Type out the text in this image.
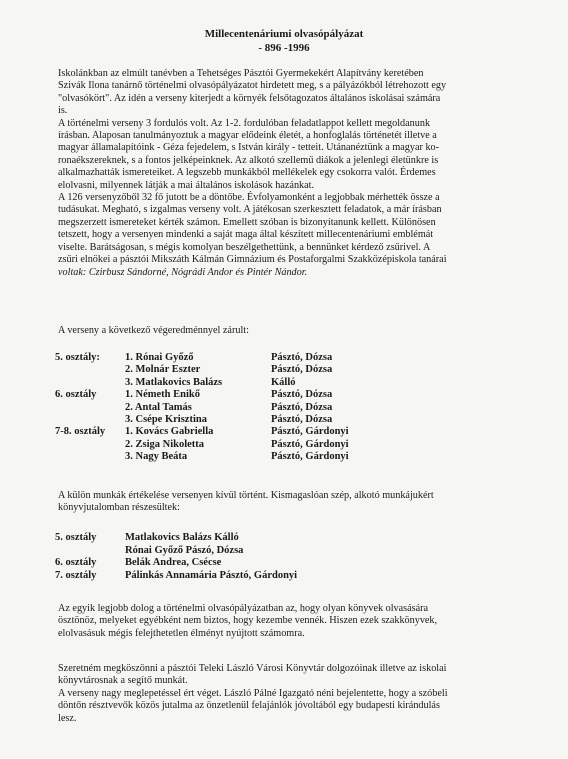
Millecentenáriumi olvasópályázat
- 896 -1996
Iskolánkban az elmúlt tanévben a Tehetséges Pásztói Gyermekekért Alapítvány keretében
Szivák Ilona tanárnő történelmi olvasópályázatot hirdetett meg, s a pályázókból létrehozott egy
"olvasókört". Az idén a verseny kiterjedt a környék felsőtagozatos általános iskolásai számára
is.
A történelmi verseny 3 fordulós volt. Az 1-2. fordulóban feladatlappot kellett megoldanunk
írásban. Alaposan tanulmányoztuk a magyar elődeink életét, a honfoglalás történetét illetve a
magyar államalapítóink - Géza fejedelem, s István király - tetteit. Utánanéztünk a magyar ko-
ronaékszereknek, s a fontos jelképeinknek. Az alkotó szellemű diákok a jelenlegi életünkre is
alkalmazhatták ismereteiket. A legszebb munkákból mellékelek egy csokorra valót. Érdemes
elolvasni, milyennek látják a mai általános iskolások hazánkat.
A 126 versenyzőből 32 fő jutott be a döntőbe. Évfolyamonként a legjobbak mérhették össze a
tudásukat. Megható, s izgalmas verseny volt. A játékosan szerkesztett feladatok, a már írásban
megszerzett ismereteket kérték számon. Emellett szóban is bizonyítanunk kellett. Különösen
tetszett, hogy a versenyen mindenki a saját maga által készített millecentenáriumi emblémát
viselte. Barátságosan, s mégis komolyan beszélgethettünk, a bennünket kérdező zsűrivel. A
zsűri elnökei a pásztói Mikszáth Kálmán Gimnázium és Postaforgalmi Szakközépiskola tanárai
voltak: Czirbusz Sándorné, Nógrádi Andor és Pintér Nándor.
A verseny a következő végeredménnyel zárult:
5. osztály: 1. Rónai Győző	Pásztó, Dózsa
2. Molnár Eszter	Pásztó, Dózsa
3. Matlakovics Balázs	Kálló
6. osztály	1. Németh Enikő	Pásztó, Dózsa
2. Antal Tamás	Pásztó, Dózsa
3. Csépe Krisztina	Pásztó, Dózsa
7-8. osztály 1. Kovács Gabriella	Pásztó, Gárdonyi
2. Zsiga Nikoletta	Pásztó, Gárdonyi
3. Nagy Beáta	Pásztó, Gárdonyi
A külön munkák értékelése versenyen kívül történt. Kismagaslóan szép, alkotó munkájukért
könyvjutalomban részesültek:
5. osztály	Matlakovics Balázs Kálló
Rónai Győző Pászó, Dózsa
6. osztály	Belák Andrea, Csécse
7. osztály	Pálinkás Annamária Pásztó, Gárdonyi
Az egyik legjobb dolog a történelmi olvasópályázatban az, hogy olyan könyvek olvasására
ösztönöz, melyeket egyébként nem biztos, hogy kezembe vennék. Hiszen ezek szakkönyvek,
elolvasásuk mégis felejthetetlen élményt nyújtott számomra.
Szeretném megköszönni a pásztói Teleki László Városi Könyvtár dolgozóinak illetve az iskolai
könyvtárosnak a segítő munkát.
A verseny nagy meglepetéssel ért véget. László Pálné Igazgató néni bejelentette, hogy a szóbeli
döntőn résztvevők közös jutalma az önzetlenül felajánlók jóvoltából egy budapesti kirándulás
lesz.
